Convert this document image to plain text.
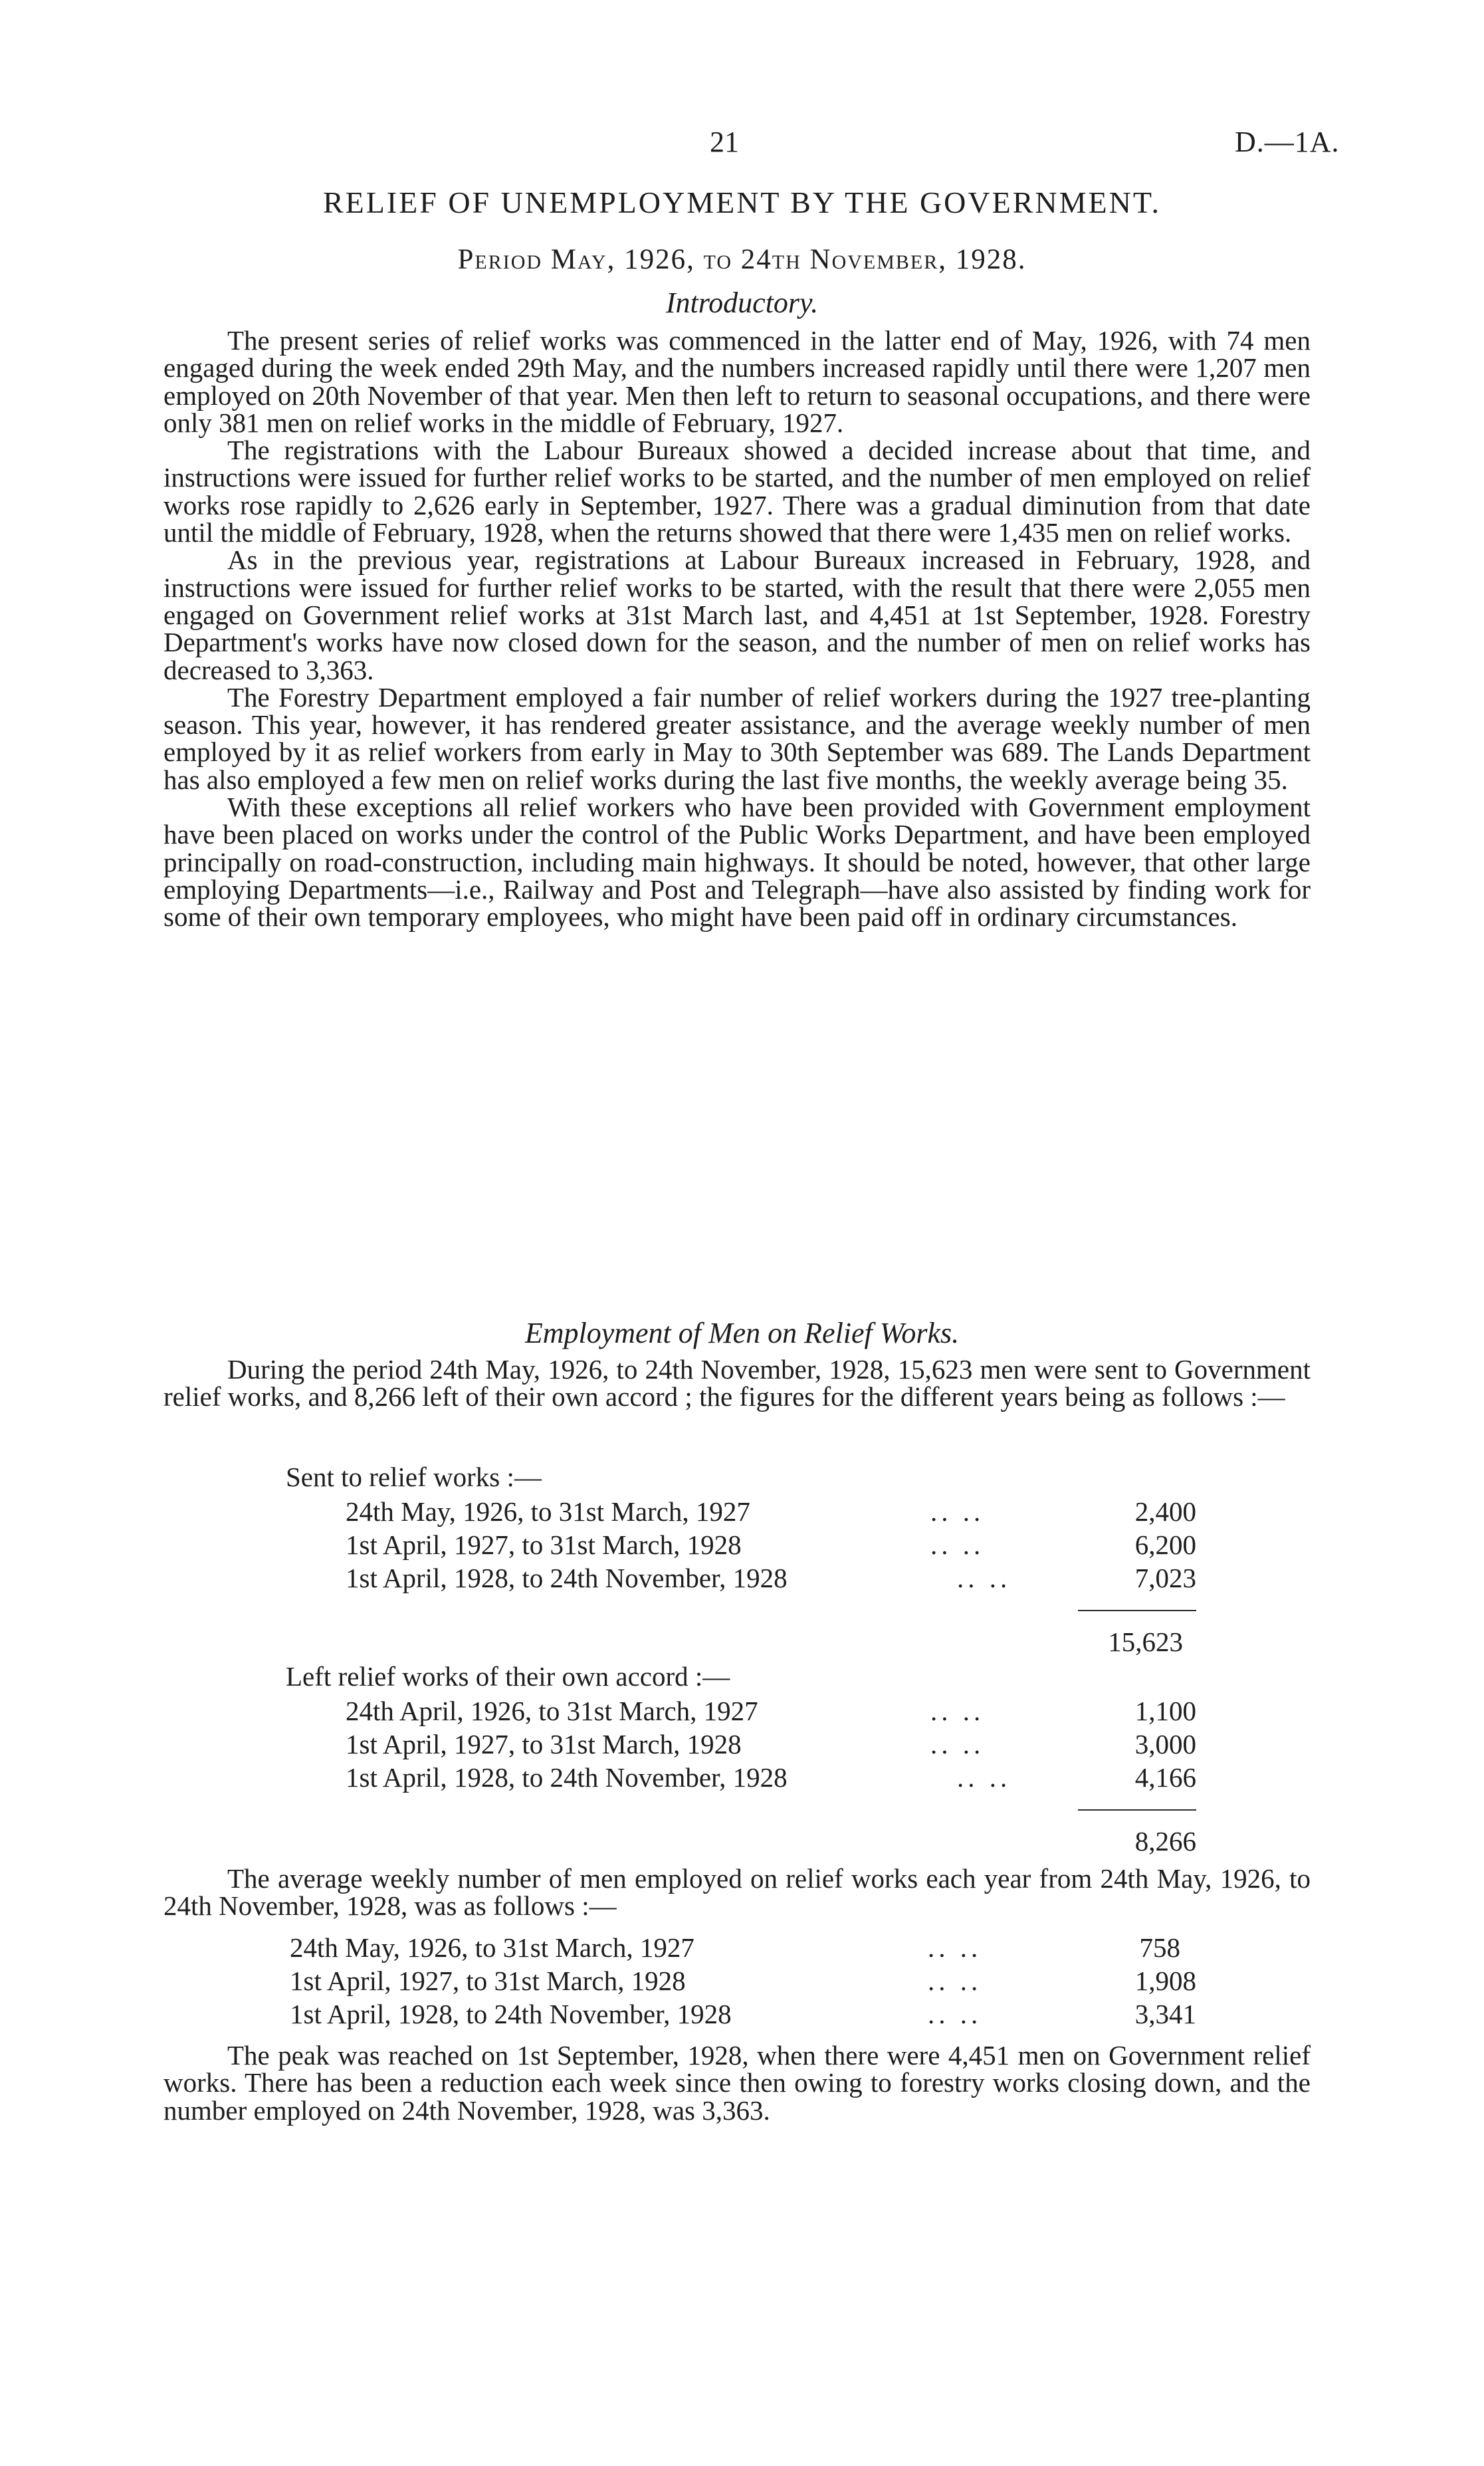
21	D.—1A.
RELIEF OF UNEMPLOYMENT BY THE GOVERNMENT.
Period May, 1926, to 24th November, 1928.
Introductory.

The present series of relief works was commenced in the latter end of May, 1926, with 74 men engaged during the week ended 29th May, and the numbers increased rapidly until there were 1,207 men employed on 20th November of that year. Men then left to return to seasonal occupations, and there were only 381 men on relief works in the middle of February, 1927.

The registrations with the Labour Bureaux showed a decided increase about that time, and instructions were issued for further relief works to be started, and the number of men employed on relief works rose rapidly to 2,626 early in September, 1927. There was a gradual diminution from that date until the middle of February, 1928, when the returns showed that there were 1,435 men on relief works.

As in the previous year, registrations at Labour Bureaux increased in February, 1928, and instructions were issued for further relief works to be started, with the result that there were 2,055 men engaged on Government relief works at 31st March last, and 4,451 at 1st September, 1928. Forestry Department's works have now closed down for the season, and the number of men on relief works has decreased to 3,363.

The Forestry Department employed a fair number of relief workers during the 1927 tree-planting season. This year, however, it has rendered greater assistance, and the average weekly number of men employed by it as relief workers from early in May to 30th September was 689. The Lands Department has also employed a few men on relief works during the last five months, the weekly average being 35.

With these exceptions all relief workers who have been provided with Government employment have been placed on works under the control of the Public Works Department, and have been employed principally on road-construction, including main highways. It should be noted, however, that other large employing Departments—i.e., Railway and Post and Telegraph—have also assisted by finding work for some of their own temporary employees, who might have been paid off in ordinary circumstances.

Employment of Men on Relief Works.

During the period 24th May, 1926, to 24th November, 1928, 15,623 men were sent to Government relief works, and 8,266 left of their own accord ; the figures for the different years being as follows :—

Sent to relief works :—
24th May, 1926, to 31st March, 1927	.. ..	2,400
1st April, 1927, to 31st March, 1928	.. ..	6,200
1st April, 1928, to 24th November, 1928	.. ..	7,023
15,623
Left relief works of their own accord :—
24th April, 1926, to 31st March, 1927	.. ..	1,100
1st April, 1927, to 31st March, 1928	.. ..	3,000
1st April, 1928, to 24th November, 1928	.. ..	4,166
8,266

The average weekly number of men employed on relief works each year from 24th May, 1926, to 24th November, 1928, was as follows :—

24th May, 1926, to 31st March, 1927	.. ..	758
1st April, 1927, to 31st March, 1928	.. ..	1,908
1st April, 1928, to 24th November, 1928	.. ..	3,341

The peak was reached on 1st September, 1928, when there were 4,451 men on Government relief works. There has been a reduction each week since then owing to forestry works closing down, and the number employed on 24th November, 1928, was 3,363.
